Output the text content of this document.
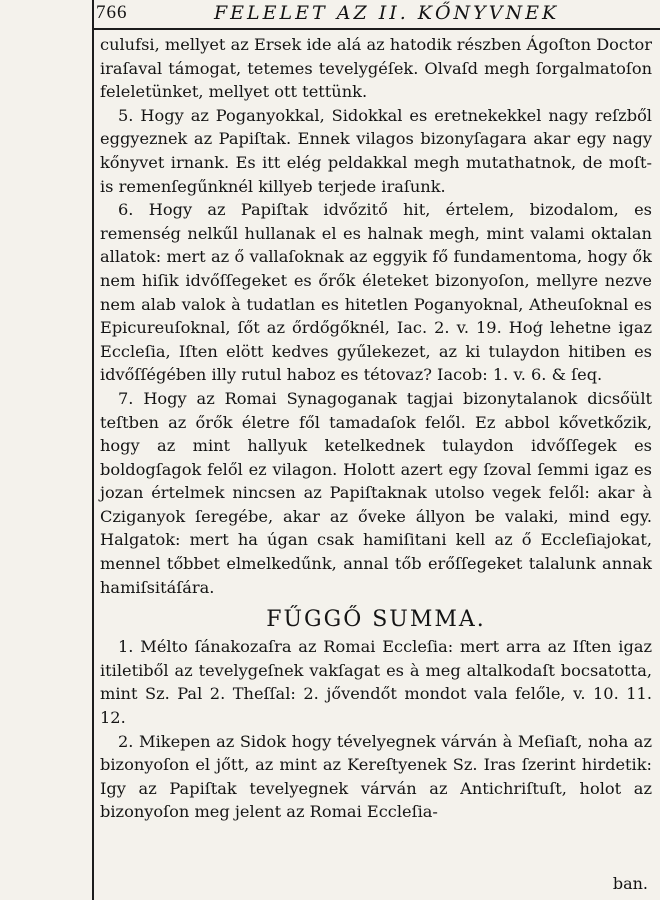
766	FELELET AZ II. KŐNYVNEK

culufsi, mellyet az Ersek ide alá az hatodik részben Ágoſton Doctor iraſaval támogat, tetemes tevelygéſek. Olvaſd megh ſorgalmatoſon feleletünket, mellyet ott tettünk.

5. Hogy az Poganyokkal, Sidokkal es eretnekekkel nagy reſzből eggyeznek az Papiſtak. Ennek vilagos bizonyſagara akar egy nagy kőnyvet irnank. Es itt elég peldakkal megh mutathatnok, de moſt-is remenſegűnknél killyeb terjede iraſunk.

6. Hogy az Papiſtak idvőzitő hit, értelem, bizodalom, es remenség nelkűl hullanak el es halnak megh, mint valami oktalan allatok: mert az ő vallaſoknak az eggyik fő fundamentoma, hogy ők nem hiſik idvőſſegeket es őrők életeket bizonyoſon, mellyre nezve nem alab valok à tudatlan es hitetlen Poganyoknal, Atheuſoknal es Epicureuſoknal, ſőt az őrdőgőknél, Iac. 2. v. 19. Hoģ lehetne igaz Eccleſia, Iſten elött kedves gyűlekezet, az ki tulaydon hitiben es idvőſſégében illy rutul haboz es tétovaz? Iacob: 1. v. 6. & ſeq.

7. Hogy az Romai Synagoganak tagjai bizonytalanok dicsőült teſtben az őrők életre fől tamadaſok felől. Ez abbol kővetkőzik, hogy az mint hallyuk ketelkednek tulaydon idvőſſegek es boldogſagok felől ez vilagon. Holott azert egy ſzoval ſemmi igaz es jozan értelmek nincsen az Papiſtaknak utolso vegek felől: akar à Cziganyok ſeregébe, akar az őveke állyon be valaki, mind egy. Halgatok: mert ha úgan csak hamiſitani kell az ő Eccleſiajokat, mennel tőbbet elmelkedűnk, annal tőb erőſſegeket talalunk annak hamiſsitáſára.

FŰGGŐ SUMMA.

1. Mélto ſánakozaſra az Romai Eccleſia: mert arra az Iſten igaz itiletiből az tevelygeſnek vakſagat es à meg altalkodaſt bocsatotta, mint Sz. Pal 2. Theſſal: 2. jővendőt mondot vala felőle, v. 10. 11. 12.

2. Mikepen az Sidok hogy tévelyegnek várván à Meſiaſt, noha az bizonyoſon el jőtt, az mint az Kereſtyenek Sz. Iras ſzerint hirdetik: Igy az Papiſtak tevelyegnek várván az Antichriſtuſt, holot az bizonyoſon meg jelent az Romai Eccleſia-

ban.
